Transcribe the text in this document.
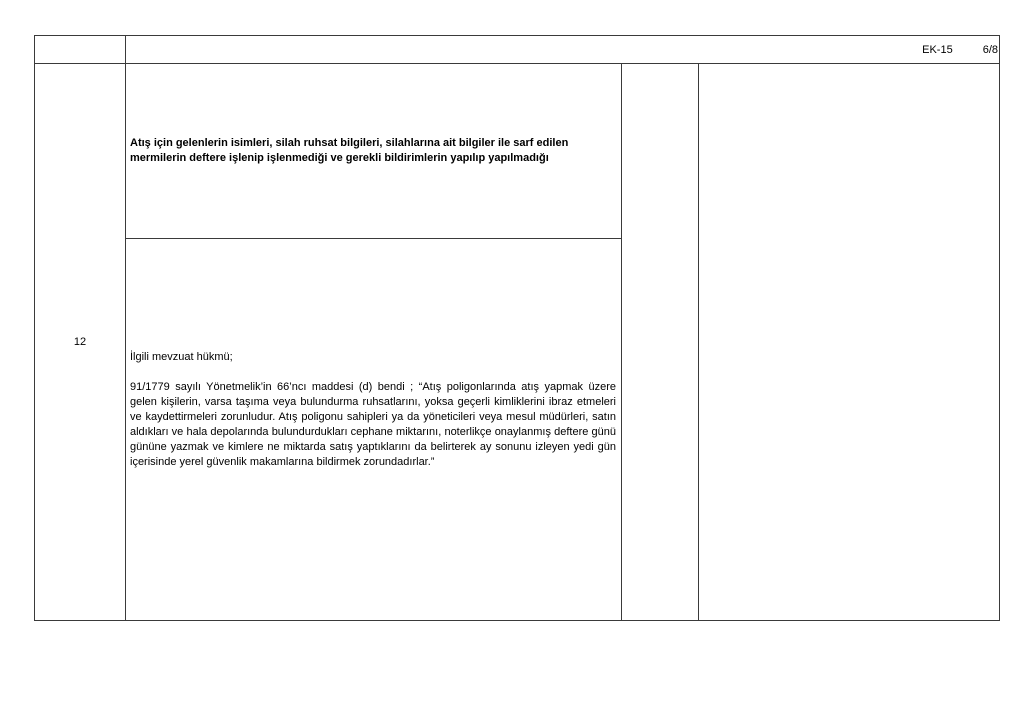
EK-15	6/8
12
Atış için gelenlerin isimleri, silah ruhsat bilgileri, silahlarına ait bilgiler ile sarf edilen mermilerin deftere işlenip işlenmediği ve gerekli bildirimlerin yapılıp yapılmadığı

İlgili mevzuat hükmü;

91/1779 sayılı Yönetmelik’in 66’ncı maddesi (d) bendi ; “Atış poligonlarında atış yapmak üzere gelen kişilerin, varsa taşıma veya bulundurma ruhsatlarını, yoksa geçerli kimliklerini ibraz etmeleri ve kaydettirmeleri zorunludur. Atış poligonu sahipleri ya da yöneticileri veya mesul müdürleri, satın aldıkları ve hala depolarında bulundurdukları cephane miktarını, noterlikçe onaylanmış deftere günü gününe yazmak ve kimlere ne miktarda satış yaptıklarını da belirterek ay sonunu izleyen yedi gün içerisinde yerel güvenlik makamlarına bildirmek zorundadırlar.”
